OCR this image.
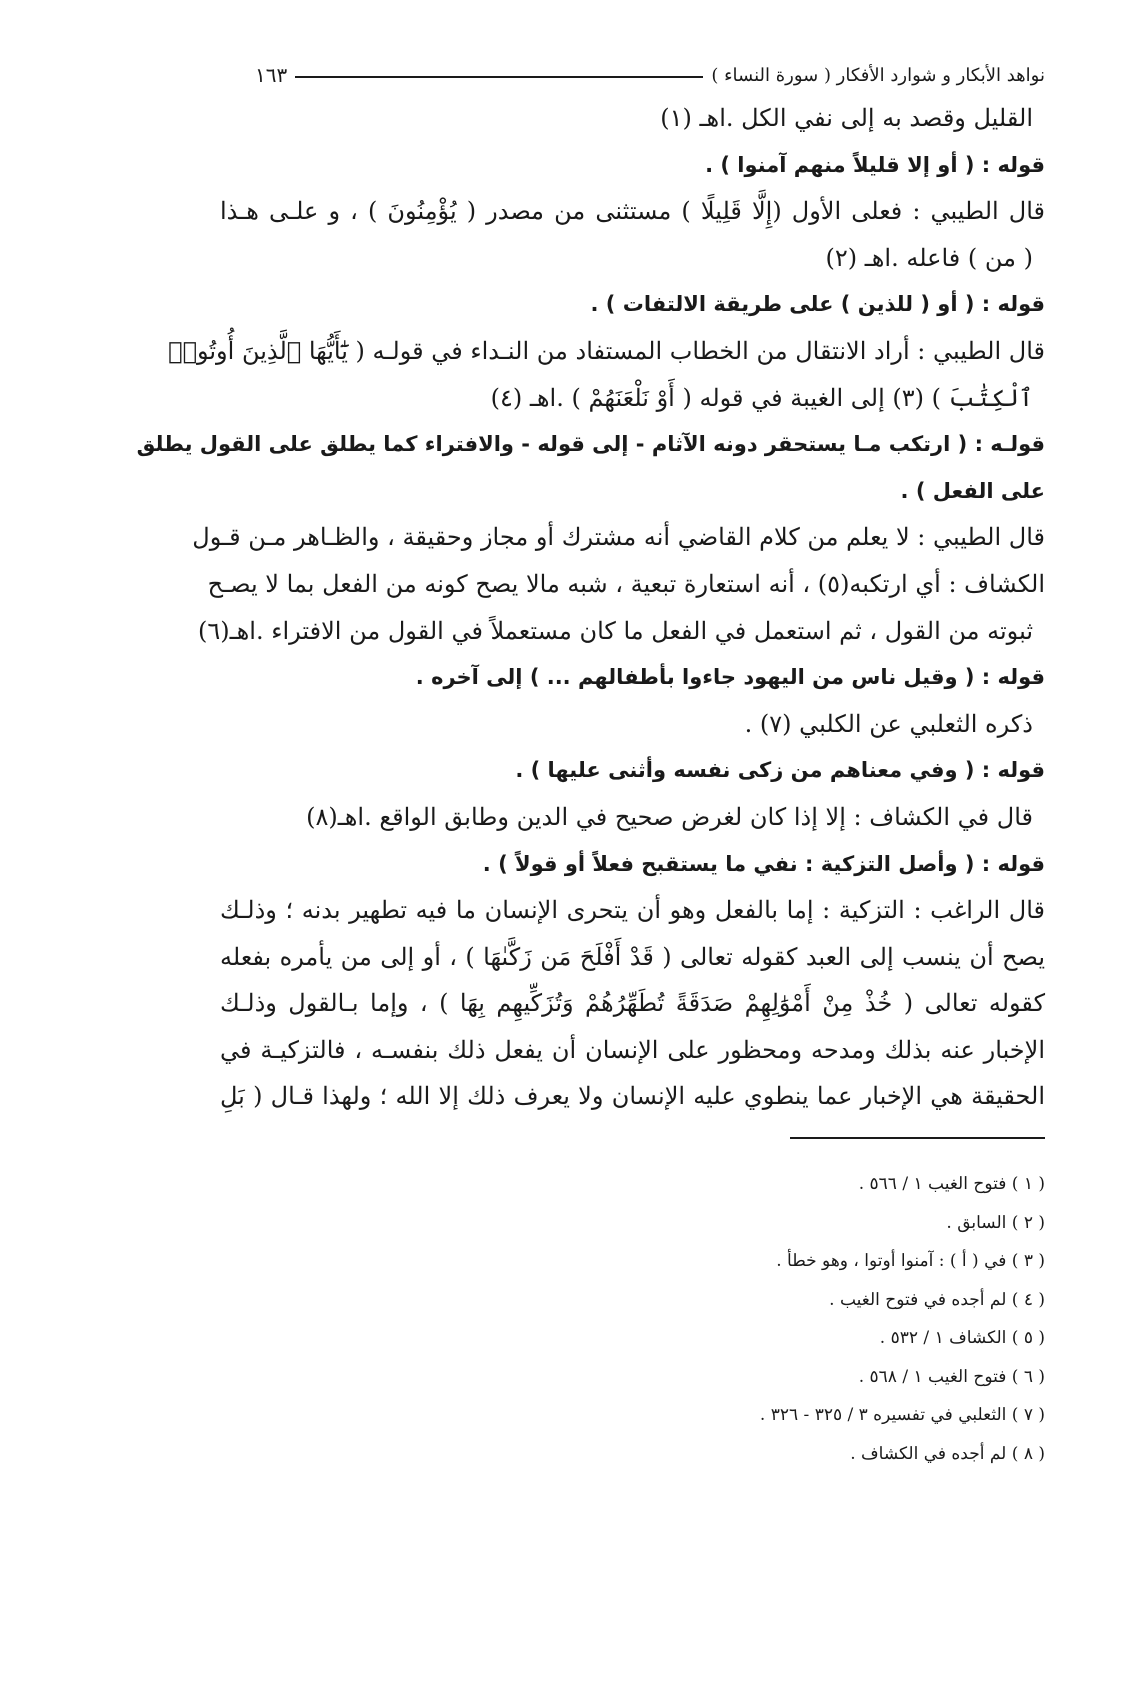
نواهد الأبكار و شوارد الأفكار ( سورة النساء )
١٦٣
القليل وقصد به إلى نفي الكل .اهـ (١)
قوله : ( أو إلا قليلاً منهم آمنوا ) .
قال الطيبي : فعلى الأول (إِلَّا قَلِيلًا ) مستثنى من مصدر ( يُؤْمِنُونَ ) ، و علـى هـذا
( من ) فاعله .اهـ (٢)
قوله : ( أو ( للذين ) على طريقة الالتفات ) .
قال الطيبي : أراد الانتقال من الخطاب المستفاد من النـداء في قولـه ( يَٰٓأَيُّهَا ٱلَّذِينَ أُوتُوا۟
ٱلْكِتَٰبَ ) (٣) إلى الغيبة في قوله ( أَوْ نَلْعَنَهُمْ ) .اهـ (٤)
قولـه : ( ارتكب مـا يستحقر دونه الآثام - إلى قوله - والافتراء كما يطلق على القول يطلق
على الفعل ) .
قال الطيبي : لا يعلم من كلام القاضي أنه مشترك أو مجاز وحقيقة ، والظـاهر مـن قـول
الكشاف : أي ارتكبه(٥) ، أنه استعارة تبعية ، شبه مالا يصح كونه من الفعل بما لا يصـح
ثبوته من القول ، ثم استعمل في الفعل ما كان مستعملاً في القول من الافتراء .اهـ(٦)
قوله : ( وقيل ناس من اليهود جاءوا بأطفالهم ... ) إلى آخره .
ذكره الثعلبي عن الكلبي (٧) .
قوله : ( وفي معناهم من زكى نفسه وأثنى عليها ) .
قال في الكشاف : إلا إذا كان لغرض صحيح في الدين وطابق الواقع .اهـ(٨)
قوله : ( وأصل التزكية : نفي ما يستقبح فعلاً أو قولاً ) .
قال الراغب : التزكية : إما بالفعل وهو أن يتحرى الإنسان ما فيه تطهير بدنه ؛ وذلـك
يصح أن ينسب إلى العبد كقوله تعالى ( قَدْ أَفْلَحَ مَن زَكَّىٰهَا ) ، أو إلى من يأمره بفعله
كقوله تعالى ( خُذْ مِنْ أَمْوَٰلِهِمْ صَدَقَةً تُطَهِّرُهُمْ وَتُزَكِّيهِم بِهَا ) ، وإما بـالقول وذلـك
الإخبار عنه بذلك ومدحه ومحظور على الإنسان أن يفعل ذلك بنفسـه ، فالتزكيـة في
الحقيقة هي الإخبار عما ينطوي عليه الإنسان ولا يعرف ذلك إلا الله ؛ ولهذا قـال ( بَلِ
( ١ ) فتوح الغيب ١ / ٥٦٦ .
( ٢ ) السابق .
( ٣ ) في ( أ ) : آمنوا أوتوا ، وهو خطأ .
( ٤ ) لم أجده في فتوح الغيب .
( ٥ ) الكشاف ١ / ٥٣٢ .
( ٦ ) فتوح الغيب ١ / ٥٦٨ .
( ٧ ) الثعلبي في تفسيره ٣ / ٣٢٥ - ٣٢٦ .
( ٨ ) لم أجده في الكشاف .
